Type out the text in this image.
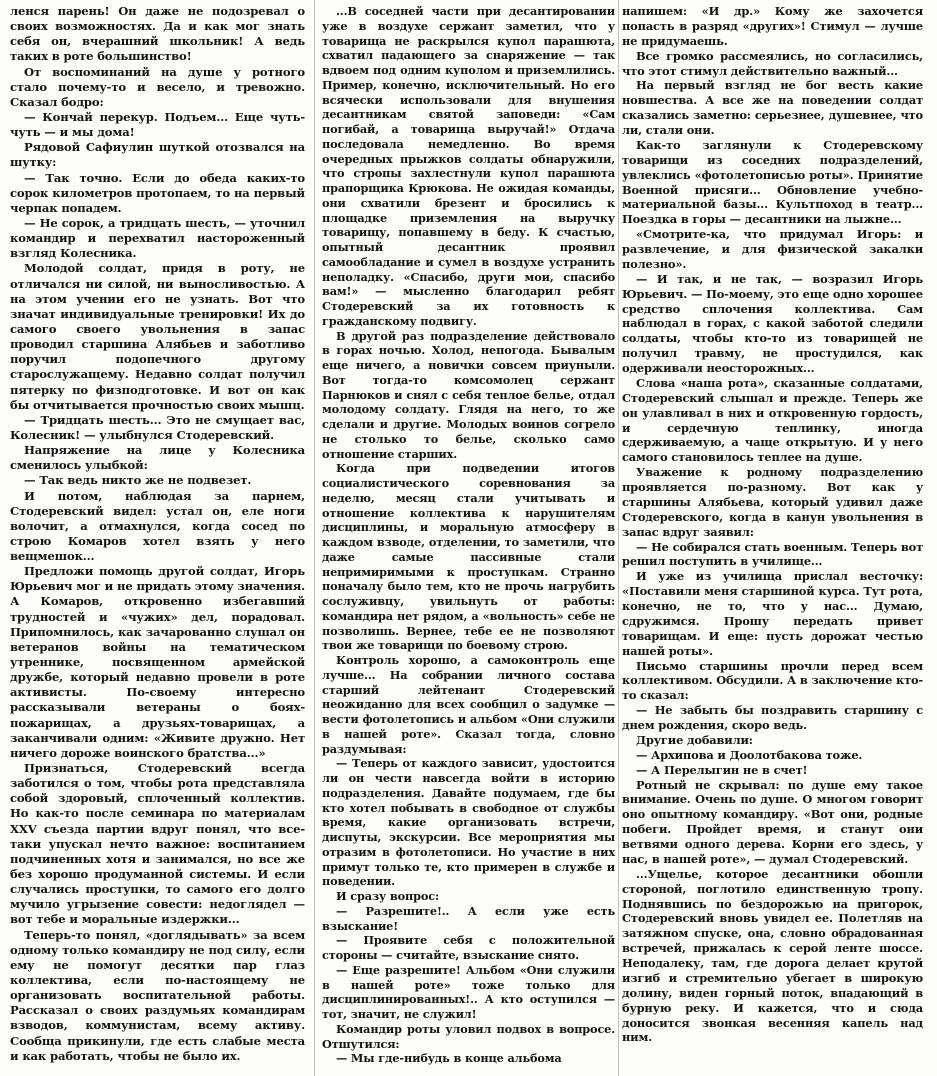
ленся парень! Он даже не подозревал о своих возможностях. Да и как мог знать себя он, вчерашний школьник! А ведь таких в роте большинство!

От воспоминаний на душе у ротного стало почему-то и весело, и тревожно. Сказал бодро:

— Кончай перекур. Подъем... Еще чуть-чуть — и мы дома!

Рядовой Сафиулин шуткой отозвался на шутку:

— Так точно. Если до обеда каких-то сорок километров протопаем, то на первый черпак попадем.

— Не сорок, а тридцать шесть, — уточнил командир и перехватил настороженный взгляд Колесника.

Молодой солдат, придя в роту, не отличался ни силой, ни выносливостью. А на этом учении его не узнать. Вот что значат индивидуальные тренировки! Их до самого своего увольнения в запас проводил старшина Алябьев и заботливо поручил подопечного другому старослужащему. Недавно солдат получил пятерку по физподготовке. И вот он как бы отчитывается прочностью своих мышц.

— Тридцать шесть... Это не смущает вас, Колесник! — улыбнулся Стодеревский.

Напряжение на лице у Колесника сменилось улыбкой:

— Так ведь никто же не подвезет.

И потом, наблюдая за парнем, Стодеревский видел: устал он, еле ноги волочит, а отмахнулся, когда сосед по строю Комаров хотел взять у него вещмешок...

Предложи помощь другой солдат, Игорь Юрьевич мог и не придать этому значения. А Комаров, откровенно избегавший трудностей и «чужих» дел, порадовал. Припомнилось, как зачарованно слушал он ветеранов войны на тематическом утреннике, посвященном армейской дружбе, который недавно провели в роте активисты. По-своему интересно рассказывали ветераны о боях-пожарищах, а друзьях-товарищах, а заканчивали одним: «Живите дружно. Нет ничего дороже воинского братства...»

Признаться, Стодеревский всегда заботился о том, чтобы рота представляла собой здоровый, сплоченный коллектив. Но как-то после семинара по материалам XXV съезда партии вдруг понял, что все-таки упускал нечто важное: воспитанием подчиненных хотя и занимался, но все же без хорошо продуманной системы. И если случались проступки, то самого его долго мучило угрызение совести: недоглядел — вот тебе и моральные издержки...

Теперь-то понял, «доглядывать» за всем одному только командиру не под силу, если ему не помогут десятки пар глаз коллектива, если по-настоящему не организовать воспитательной работы. Рассказал о своих раздумьях командирам взводов, коммунистам, всему активу. Сообща прикинули, где есть слабые места и как работать, чтобы не было их.

...В соседней части при десантировании уже в воздухе сержант заметил, что у товарища не раскрылся купол парашюта, схватил падающего за снаряжение — так вдвоем под одним куполом и приземлились. Пример, конечно, исключительный. Но его всячески использовали для внушения десантникам святой заповеди: «Сам погибай, а товарища выручай!» Отдача последовала немедленно. Во время очередных прыжков солдаты обнаружили, что стропы захлестнули купол парашюта прапорщика Крюкова. Не ожидая команды, они схватили брезент и бросились к площадке приземления на выручку товарищу, попавшему в беду. К счастью, опытный десантник проявил самообладание и сумел в воздухе устранить неполадку. «Спасибо, други мои, спасибо вам!» — мысленно благодарил ребят Стодеревский за их готовность к гражданскому подвигу.

В другой раз подразделение действовало в горах ночью. Холод, непогода. Бывалым еще ничего, а новички совсем приуныли. Вот тогда-то комсомолец сержант Парнюков и снял с себя теплое белье, отдал молодому солдату. Глядя на него, то же сделали и другие. Молодых воинов согрело не столько то белье, сколько само отношение старших.

Когда при подведении итогов социалистического соревнования за неделю, месяц стали учитывать и отношение коллектива к нарушителям дисциплины, и моральную атмосферу в каждом взводе, отделении, то заметили, что даже самые пассивные стали непримиримыми к проступкам. Странно поначалу было тем, кто не прочь нагрубить сослуживцу, увильнуть от работы: командира нет рядом, а «вольность» себе не позволишь. Вернее, тебе ее не позволяют твои же товарищи по боевому строю.

Контроль хорошо, а самоконтроль еще лучше... На собрании личного состава старший лейтенант Стодеревский неожиданно для всех сообщил о задумке — вести фотолетопись и альбом «Они служили в нашей роте». Сказал тогда, словно раздумывая:

— Теперь от каждого зависит, удостоится ли он чести навсегда войти в историю подразделения. Давайте подумаем, где бы кто хотел побывать в свободное от службы время, какие организовать встречи, диспуты, экскурсии. Все мероприятия мы отразим в фотолетописи. Но участие в них примут только те, кто примерен в службе и поведении.

И сразу вопрос:

— Разрешите!.. А если уже есть взыскание!

— Проявите себя с положительной стороны — считайте, взыскание снято.

— Еще разрешите! Альбом «Они служили в нашей роте» тоже только для дисциплинированных!.. А кто оступился — тот, значит, не служил!

Командир роты уловил подвох в вопросе. Отшутился:

— Мы где-нибудь в конце альбома

напишем: «И др.» Кому же захочется попасть в разряд «других»! Стимул — лучше не придумаешь.

Все громко рассмеялись, но согласились, что этот стимул действительно важный...

На первый взгляд не бог весть какие новшества. А все же на поведении солдат сказались заметно: серьезнее, душевнее, что ли, стали они.

Как-то заглянули к Стодеревскому товарищи из соседних подразделений, увлеклись «фотолетописью роты». Принятие Военной присяги... Обновление учебно-материальной базы... Культпоход в театр... Поездка в горы — десантники на лыжне...

«Смотрите-ка, что придумал Игорь: и развлечение, и для физической закалки полезно».

— И так, и не так, — возразил Игорь Юрьевич. — По-моему, это еще одно хорошее средство сплочения коллектива. Сам наблюдал в горах, с какой заботой следили солдаты, чтобы кто-то из товарищей не получил травму, не простудился, как одерживали неосторожных...

Слова «наша рота», сказанные солдатами, Стодеревский слышал и прежде. Теперь же он улавливал в них и откровенную гордость, и сердечную теплинку, иногда сдерживаемую, а чаще открытую. И у него самого становилось теплее на душе.

Уважение к родному подразделению проявляется по-разному. Вот как у старшины Алябьева, который удивил даже Стодеревского, когда в канун увольнения в запас вдруг заявил:

— Не собирался стать военным. Теперь вот решил поступить в училище...

И уже из училища прислал весточку: «Поставили меня старшиной курса. Тут рота, конечно, не то, что у нас... Думаю, сдружимся. Прошу передать привет товарищам. И еще: пусть дорожат честью нашей роты».

Письмо старшины прочли перед всем коллективом. Обсудили. А в заключение кто-то сказал:

— Не забыть бы поздравить старшину с днем рождения, скоро ведь.

Другие добавили:

— Архипова и Доолотбакова тоже.

— А Перелыгин не в счет!

Ротный не скрывал: по душе ему такое внимание. Очень по душе. О многом говорит оно опытному командиру. «Вот они, родные побеги. Пройдет время, и станут они ветвями одного дерева. Корни его здесь, у нас, в нашей роте», — думал Стодеревский.

...Ущелье, которое десантники обошли стороной, поглотило единственную тропу. Поднявшись по бездорожью на пригорок, Стодеревский вновь увидел ее. Полетляв на затяжном спуске, она, словно обрадованная встречей, прижалась к серой ленте шоссе. Неподалеку, там, где дорога делает крутой изгиб и стремительно убегает в широкую долину, виден горный поток, впадающий в бурную реку. И кажется, что и сюда доносится звонкая весенняя капель над ним.
